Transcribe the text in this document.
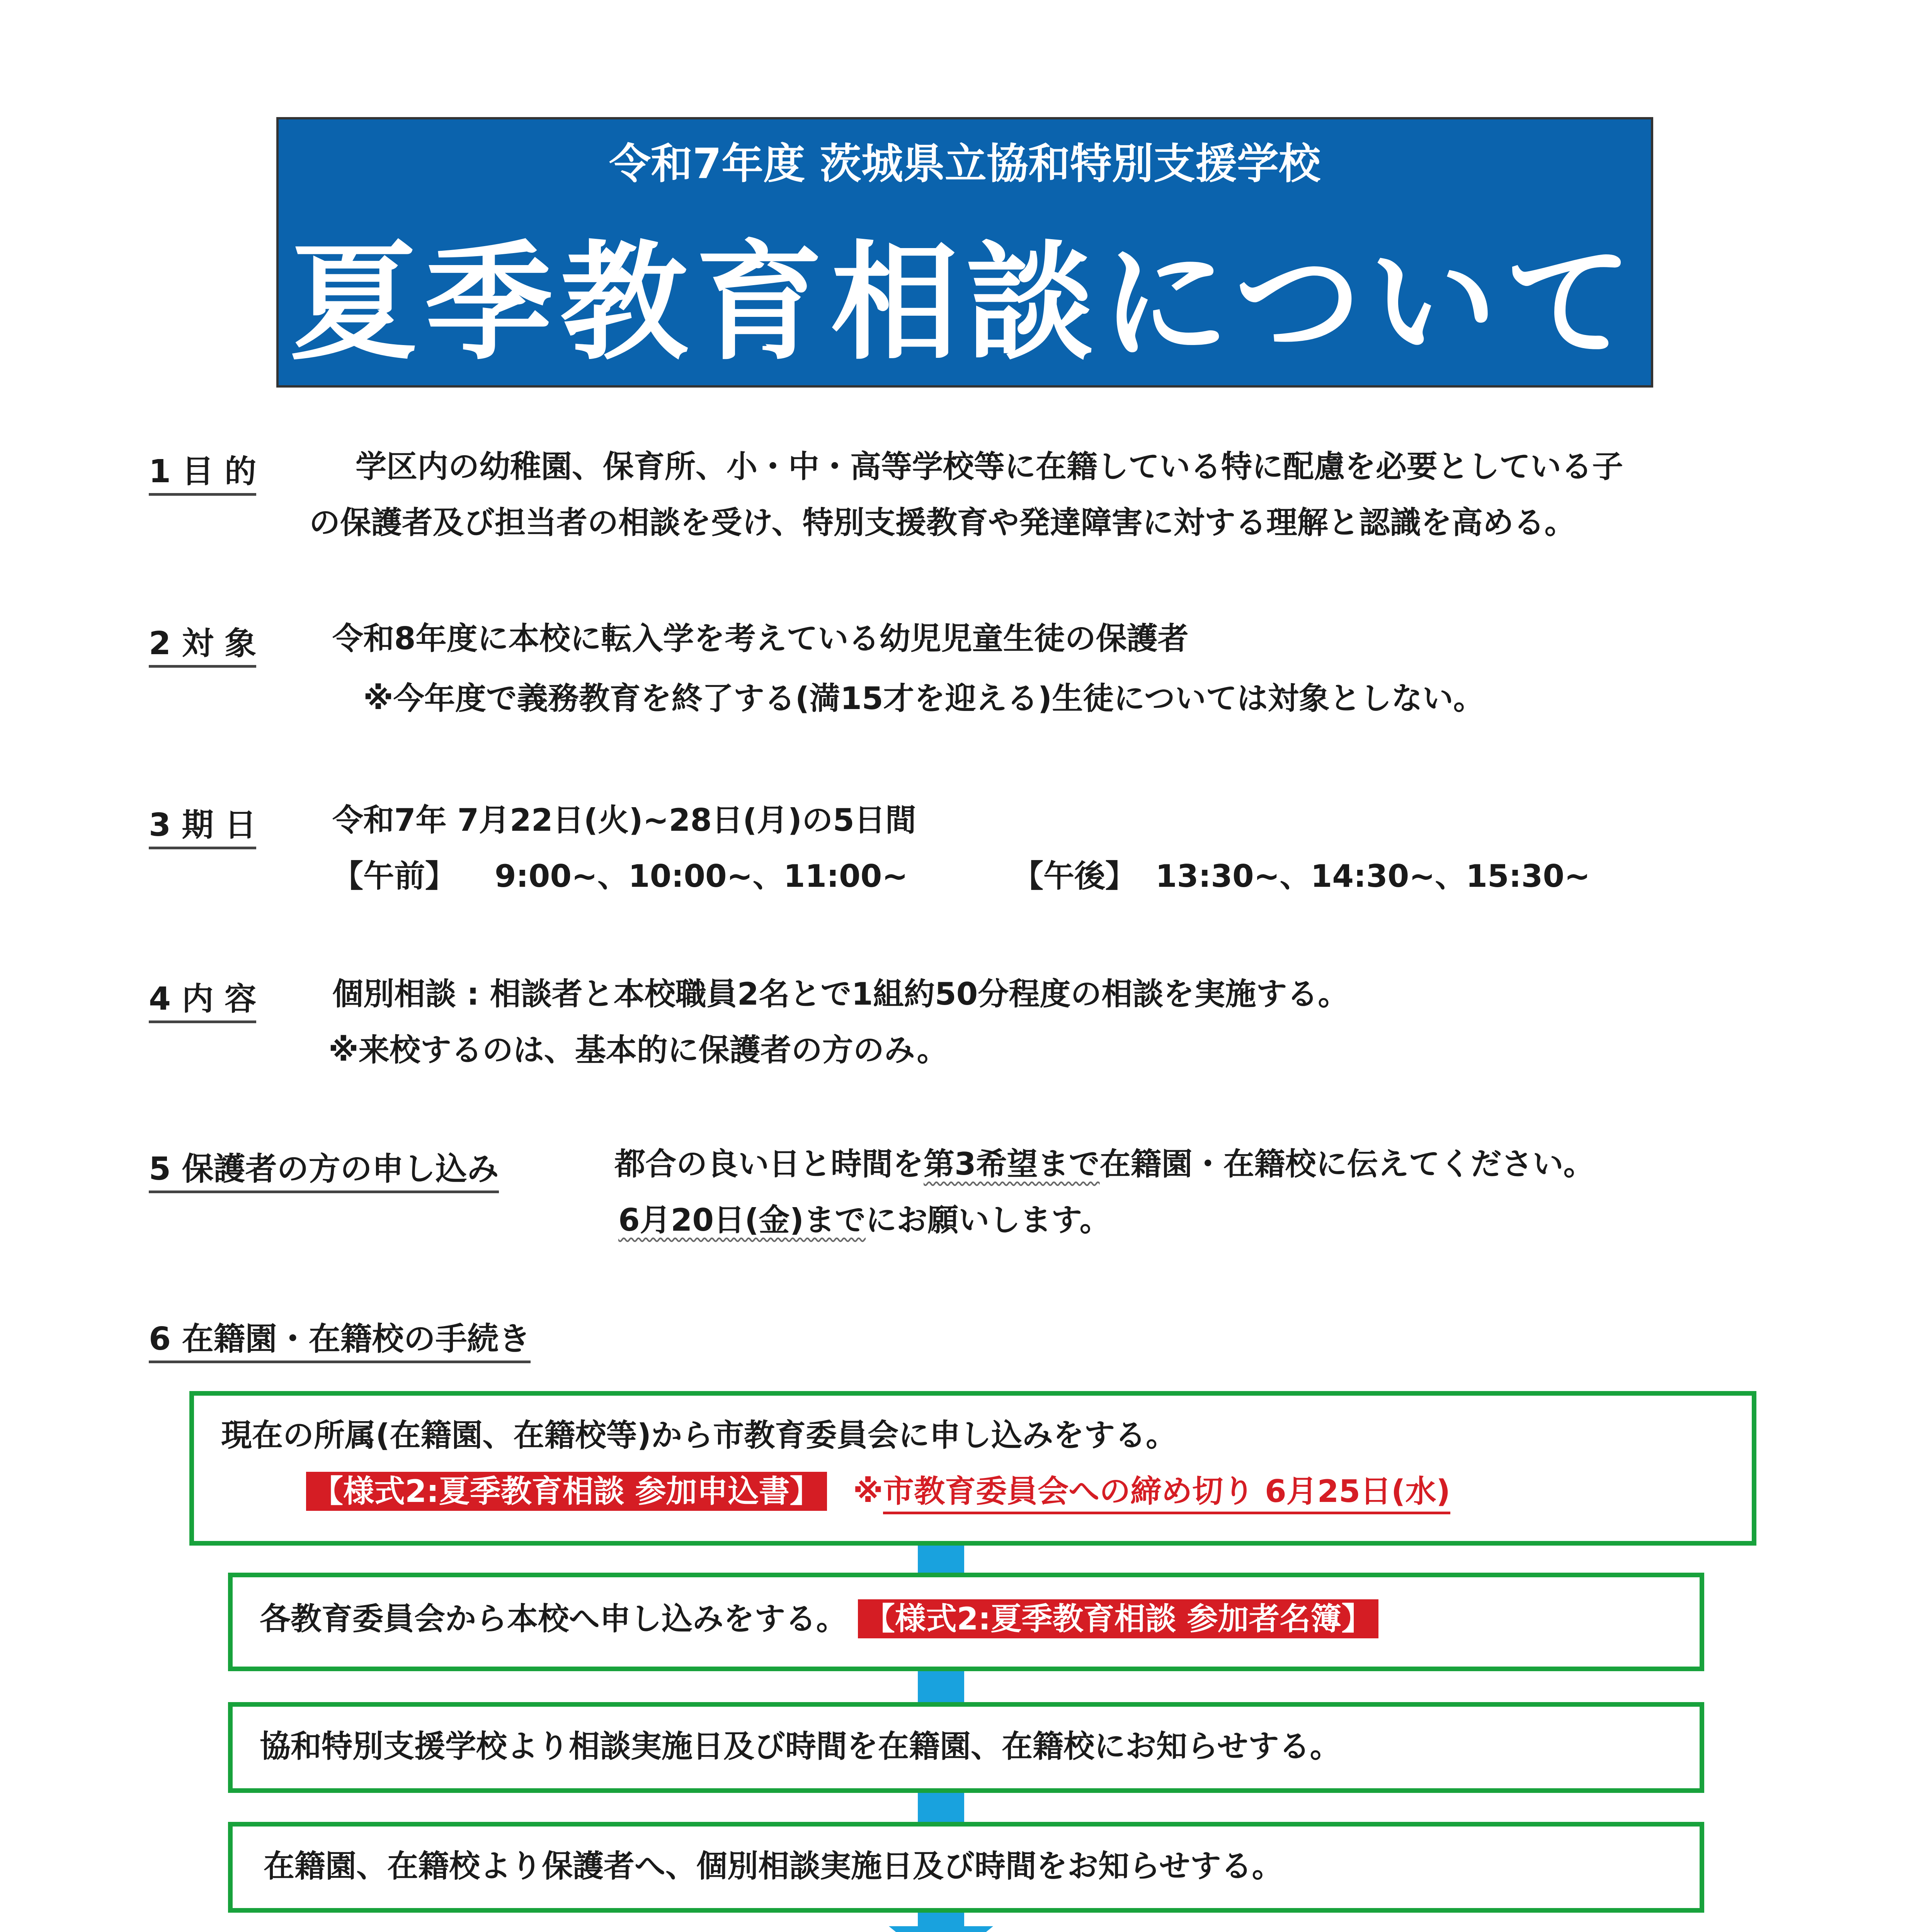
令和7年度 茨城県立協和特別支援学校
夏季教育相談について
1 目 的	学区内の幼稚園、保育所、小・中・高等学校等に在籍している特に配慮を必要としている子
の保護者及び担当者の相談を受け、特別支援教育や発達障害に対する理解と認識を高める。
2 対 象 令和8年度に本校に転入学を考えている幼児児童生徒の保護者
※今年度で義務教育を終了する(満15才を迎える)生徒については対象としない。
3 期 日 令和7年 7月22日(火)~28日(月)の5日間
【午前】 9:00~、10:00~、11:00~	【午後】 13:30~、14:30~、15:30~
4 内 容 個別相談 : 相談者と本校職員2名とで1組約50分程度の相談を実施する。
※来校するのは、基本的に保護者の方のみ。
5 保護者の方の申し込み	都合の良い日と時間を第3希望まで在籍園・在籍校に伝えてください。
6月20日(金)までにお願いします。
6 在籍園・在籍校の手続き
現在の所属(在籍園、在籍校等)から市教育委員会に申し込みをする。
【様式2:夏季教育相談 参加申込書】 ※市教育委員会への締め切り 6月25日(水)
各教育委員会から本校へ申し込みをする。 【様式2:夏季教育相談 参加者名簿】
協和特別支援学校より相談実施日及び時間を在籍園、在籍校にお知らせする。
在籍園、在籍校より保護者へ、個別相談実施日及び時間をお知らせする。
